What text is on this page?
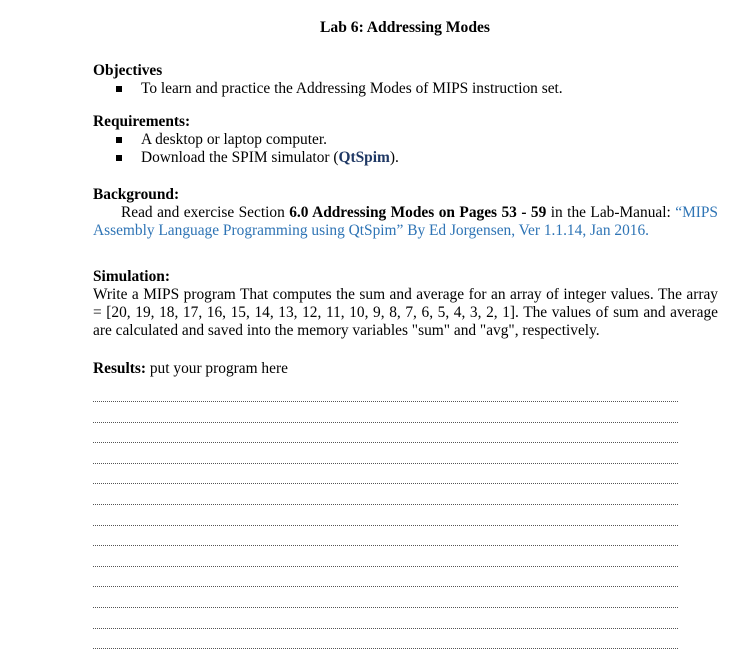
Lab 6: Addressing Modes
Objectives
To learn and practice the Addressing Modes of MIPS instruction set.
Requirements:
A desktop or laptop computer.
Download the SPIM simulator (QtSpim).
Background:
Read and exercise Section 6.0 Addressing Modes on Pages 53 - 59 in the Lab-Manual: “MIPS Assembly Language Programming using QtSpim” By Ed Jorgensen, Ver 1.1.14, Jan 2016.
Simulation:
Write a MIPS program That computes the sum and average for an array of integer values. The array = [20, 19, 18, 17, 16, 15, 14, 13, 12, 11, 10, 9, 8, 7, 6, 5, 4, 3, 2, 1]. The values of sum and average are calculated and saved into the memory variables "sum" and "avg", respectively.
Results: put your program here
